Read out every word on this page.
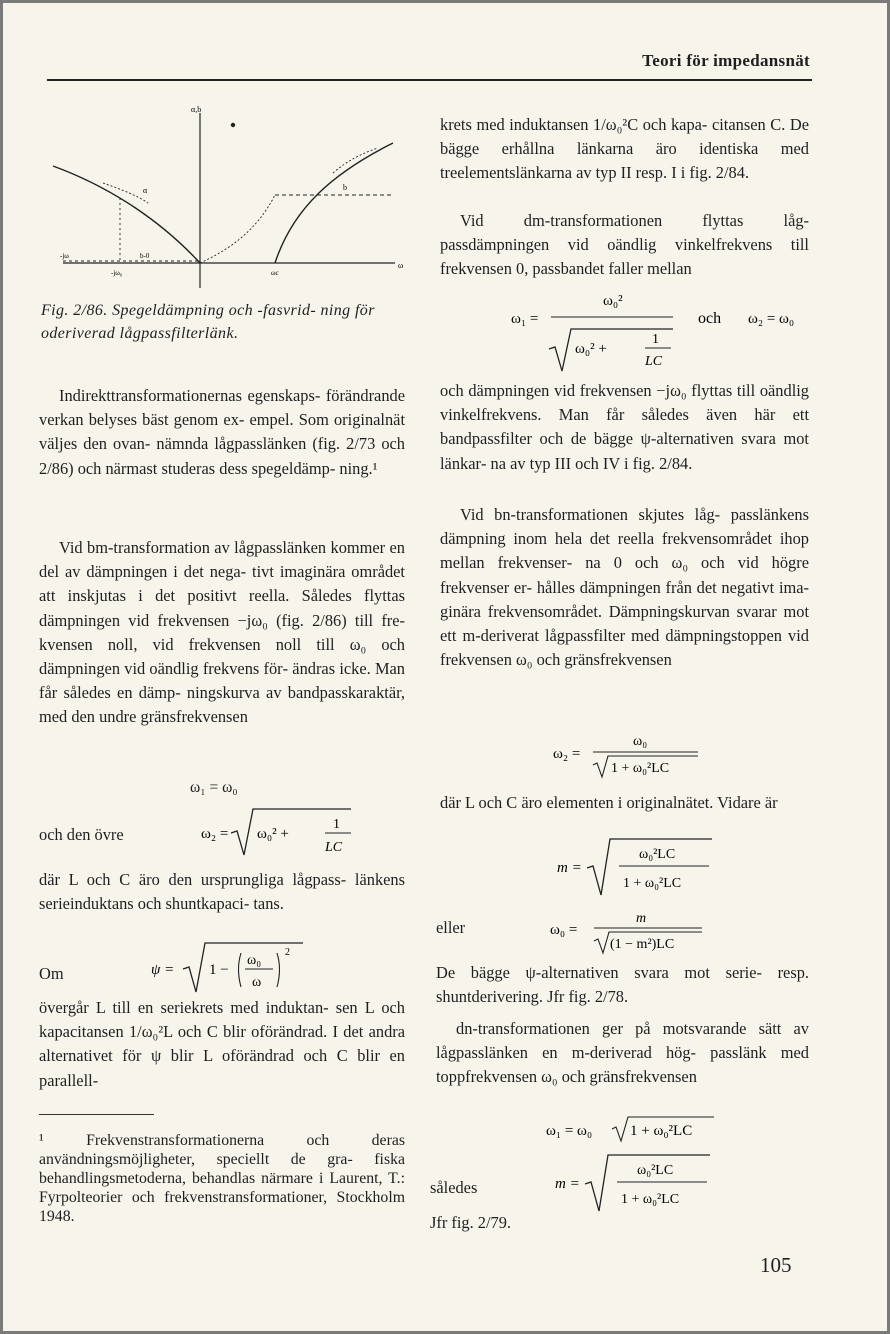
Teori för impedansnät
α,b
ω
-jω
-jω₀
b-0
ωc
b
α
Fig. 2/86. Spegeldämpning och ‐fasvrid‐ ning för oderiverad lågpassfilterlänk.

Indirekttransformationernas egenskaps‐ förändrande verkan belyses bäst genom ex‐ empel. Som originalnät väljes den ovan‐ nämnda lågpasslänken (fig. 2/73 och 2/86) och närmast studeras dess spegeldämp‐ ning.¹

Vid bm‐transformation av lågpasslänken kommer en del av dämpningen i det nega‐ tivt imaginära området att inskjutas i det positivt reella. Således flyttas dämpningen vid frekvensen −jω₀ (fig. 2/86) till fre‐ kvensen noll, vid frekvensen noll till ω₀ och dämpningen vid oändlig frekvens för‐ ändras icke. Man får således en dämp‐ ningskurva av bandpasskaraktär, med den undre gränsfrekvensen

ω₁ = ω₀
och den övre	ω₂ = ω₀² +
1
LC

där L och C äro den ursprungliga lågpass‐ länkens serieinduktans och shuntkapaci‐ tans.

Om	ψ = 1 −
ω₀
ω
2

övergår L till en seriekrets med induktan‐ sen L och kapacitansen 1/ω₀²L och C blir oförändrad. I det andra alternativet för ψ blir L oförändrad och C blir en parallell‐

¹ Frekvenstransformationerna och deras användningsmöjligheter, speciellt de gra‐ fiska behandlingsmetoderna, behandlas närmare i Laurent, T.: Fyrpolteorier och frekvenstransformationer, Stockholm 1948.

krets med induktansen 1/ω₀²C och kapa‐ citansen C. De bägge erhållna länkarna äro identiska med treelementslänkarna av typ II resp. I i fig. 2/84.

Vid dm‐transformationen flyttas låg‐ passdämpningen vid oändlig vinkelfrekvens till frekvensen 0, passbandet faller mellan

ω₁ =
ω₀²
ω₀² +
1
LC
och ω₂ = ω₀

och dämpningen vid frekvensen −jω₀ flyttas till oändlig vinkelfrekvens. Man får således även här ett bandpassfilter och de bägge ψ‐alternativen svara mot länkar‐ na av typ III och IV i fig. 2/84.

Vid bn‐transformationen skjutes låg‐ passlänkens dämpning inom hela det reella frekvensområdet ihop mellan frekvenser‐ na 0 och ω₀ och vid högre frekvenser er‐ hålles dämpningen från det negativt ima‐ ginära frekvensområdet. Dämpningskurvan svarar mot ett m‐deriverat lågpassfilter med dämpningstoppen vid frekvensen ω₀ och gränsfrekvensen

ω₂ =
ω₀
1 + ω₀²LC

där L och C äro elementen i originalnätet. Vidare är

m =
ω₀²LC
1 + ω₀²LC
eller	ω₀ =
m
(1 − m²)LC

De bägge ψ‐alternativen svara mot serie‐ resp. shuntderivering. Jfr fig. 2/78.

dn‐transformationen ger på motsvarande sätt av lågpasslänken en m‐deriverad hög‐ passlänk med toppfrekvensen ω₀ och gränsfrekvensen

ω₁ = ω₀	1 + ω₀²LC
således	m =
ω₀²LC
1 + ω₀²LC
Jfr fig. 2/79.
105
